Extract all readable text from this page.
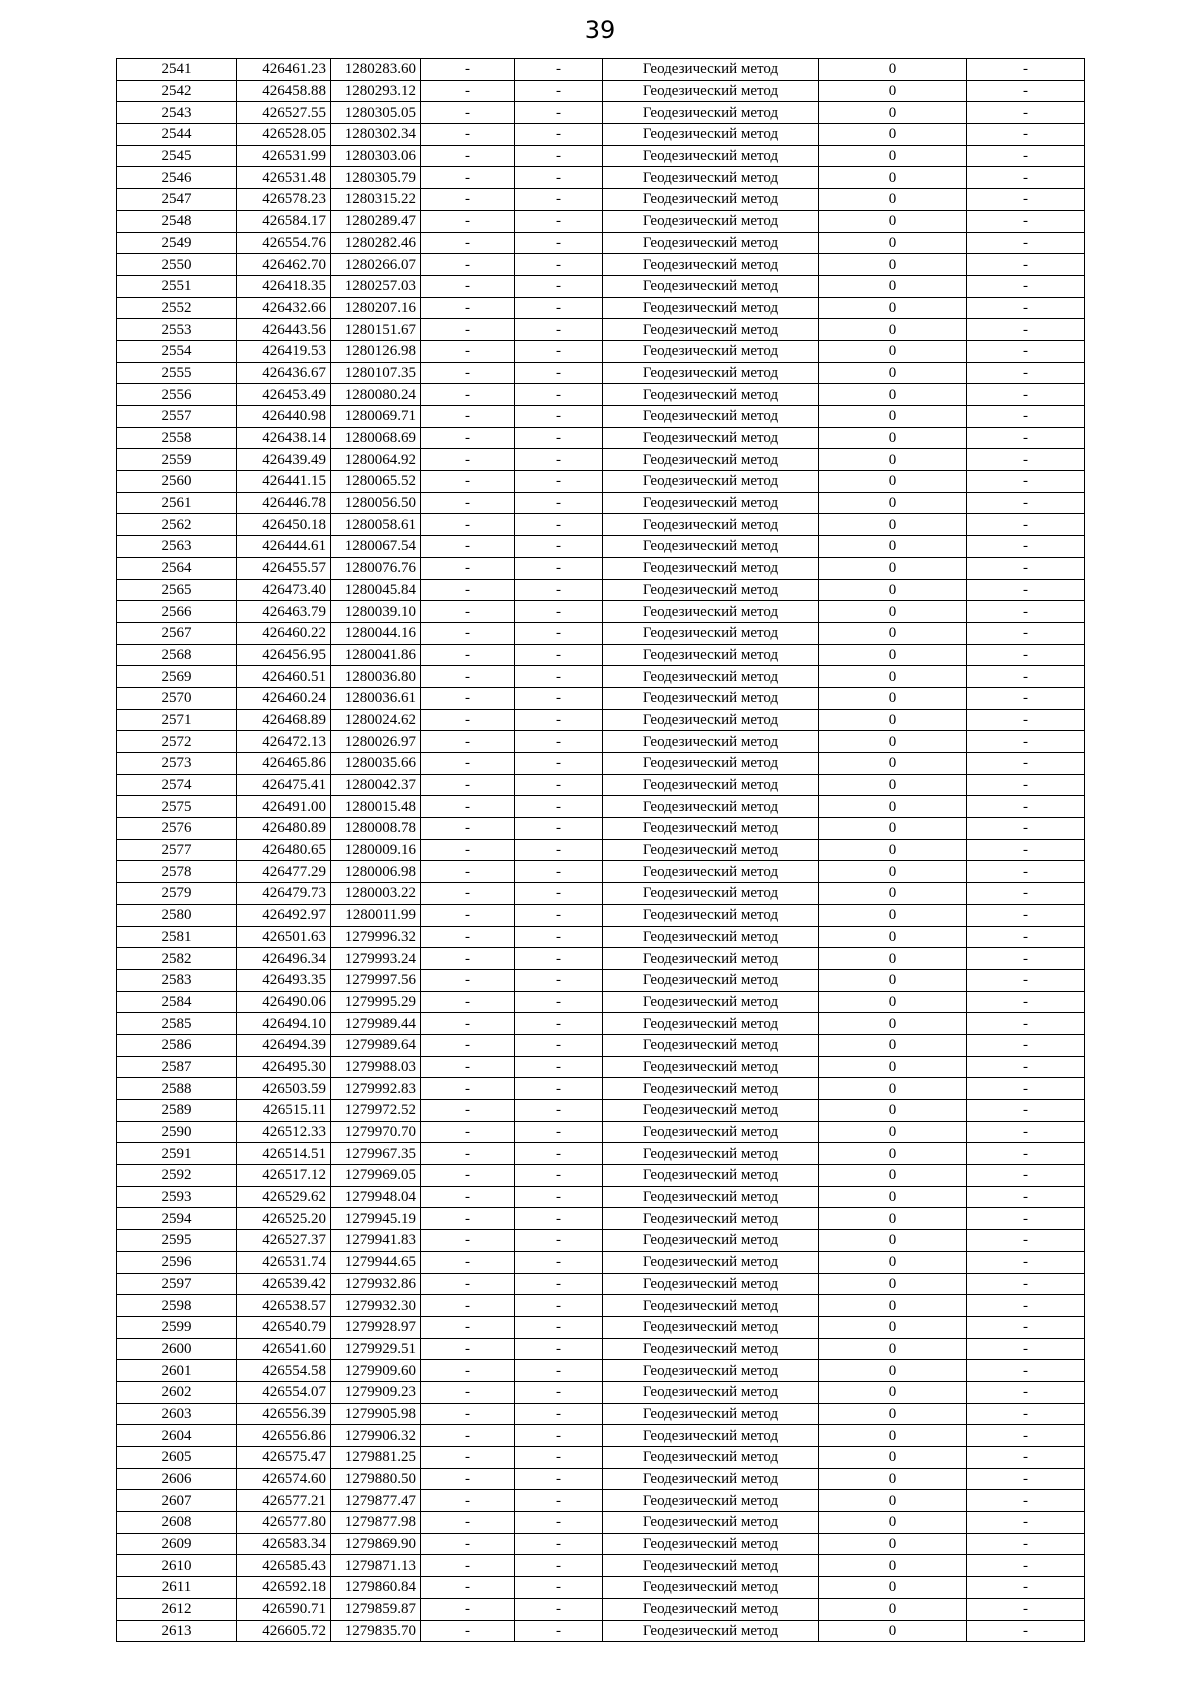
39
2541	426461.23	1280283.60	-	-	Геодезический метод	0	-
2542	426458.88	1280293.12	-	-	Геодезический метод	0	-
2543	426527.55	1280305.05	-	-	Геодезический метод	0	-
2544	426528.05	1280302.34	-	-	Геодезический метод	0	-
2545	426531.99	1280303.06	-	-	Геодезический метод	0	-
2546	426531.48	1280305.79	-	-	Геодезический метод	0	-
2547	426578.23	1280315.22	-	-	Геодезический метод	0	-
2548	426584.17	1280289.47	-	-	Геодезический метод	0	-
2549	426554.76	1280282.46	-	-	Геодезический метод	0	-
2550	426462.70	1280266.07	-	-	Геодезический метод	0	-
2551	426418.35	1280257.03	-	-	Геодезический метод	0	-
2552	426432.66	1280207.16	-	-	Геодезический метод	0	-
2553	426443.56	1280151.67	-	-	Геодезический метод	0	-
2554	426419.53	1280126.98	-	-	Геодезический метод	0	-
2555	426436.67	1280107.35	-	-	Геодезический метод	0	-
2556	426453.49	1280080.24	-	-	Геодезический метод	0	-
2557	426440.98	1280069.71	-	-	Геодезический метод	0	-
2558	426438.14	1280068.69	-	-	Геодезический метод	0	-
2559	426439.49	1280064.92	-	-	Геодезический метод	0	-
2560	426441.15	1280065.52	-	-	Геодезический метод	0	-
2561	426446.78	1280056.50	-	-	Геодезический метод	0	-
2562	426450.18	1280058.61	-	-	Геодезический метод	0	-
2563	426444.61	1280067.54	-	-	Геодезический метод	0	-
2564	426455.57	1280076.76	-	-	Геодезический метод	0	-
2565	426473.40	1280045.84	-	-	Геодезический метод	0	-
2566	426463.79	1280039.10	-	-	Геодезический метод	0	-
2567	426460.22	1280044.16	-	-	Геодезический метод	0	-
2568	426456.95	1280041.86	-	-	Геодезический метод	0	-
2569	426460.51	1280036.80	-	-	Геодезический метод	0	-
2570	426460.24	1280036.61	-	-	Геодезический метод	0	-
2571	426468.89	1280024.62	-	-	Геодезический метод	0	-
2572	426472.13	1280026.97	-	-	Геодезический метод	0	-
2573	426465.86	1280035.66	-	-	Геодезический метод	0	-
2574	426475.41	1280042.37	-	-	Геодезический метод	0	-
2575	426491.00	1280015.48	-	-	Геодезический метод	0	-
2576	426480.89	1280008.78	-	-	Геодезический метод	0	-
2577	426480.65	1280009.16	-	-	Геодезический метод	0	-
2578	426477.29	1280006.98	-	-	Геодезический метод	0	-
2579	426479.73	1280003.22	-	-	Геодезический метод	0	-
2580	426492.97	1280011.99	-	-	Геодезический метод	0	-
2581	426501.63	1279996.32	-	-	Геодезический метод	0	-
2582	426496.34	1279993.24	-	-	Геодезический метод	0	-
2583	426493.35	1279997.56	-	-	Геодезический метод	0	-
2584	426490.06	1279995.29	-	-	Геодезический метод	0	-
2585	426494.10	1279989.44	-	-	Геодезический метод	0	-
2586	426494.39	1279989.64	-	-	Геодезический метод	0	-
2587	426495.30	1279988.03	-	-	Геодезический метод	0	-
2588	426503.59	1279992.83	-	-	Геодезический метод	0	-
2589	426515.11	1279972.52	-	-	Геодезический метод	0	-
2590	426512.33	1279970.70	-	-	Геодезический метод	0	-
2591	426514.51	1279967.35	-	-	Геодезический метод	0	-
2592	426517.12	1279969.05	-	-	Геодезический метод	0	-
2593	426529.62	1279948.04	-	-	Геодезический метод	0	-
2594	426525.20	1279945.19	-	-	Геодезический метод	0	-
2595	426527.37	1279941.83	-	-	Геодезический метод	0	-
2596	426531.74	1279944.65	-	-	Геодезический метод	0	-
2597	426539.42	1279932.86	-	-	Геодезический метод	0	-
2598	426538.57	1279932.30	-	-	Геодезический метод	0	-
2599	426540.79	1279928.97	-	-	Геодезический метод	0	-
2600	426541.60	1279929.51	-	-	Геодезический метод	0	-
2601	426554.58	1279909.60	-	-	Геодезический метод	0	-
2602	426554.07	1279909.23	-	-	Геодезический метод	0	-
2603	426556.39	1279905.98	-	-	Геодезический метод	0	-
2604	426556.86	1279906.32	-	-	Геодезический метод	0	-
2605	426575.47	1279881.25	-	-	Геодезический метод	0	-
2606	426574.60	1279880.50	-	-	Геодезический метод	0	-
2607	426577.21	1279877.47	-	-	Геодезический метод	0	-
2608	426577.80	1279877.98	-	-	Геодезический метод	0	-
2609	426583.34	1279869.90	-	-	Геодезический метод	0	-
2610	426585.43	1279871.13	-	-	Геодезический метод	0	-
2611	426592.18	1279860.84	-	-	Геодезический метод	0	-
2612	426590.71	1279859.87	-	-	Геодезический метод	0	-
2613	426605.72	1279835.70	-	-	Геодезический метод	0	-
